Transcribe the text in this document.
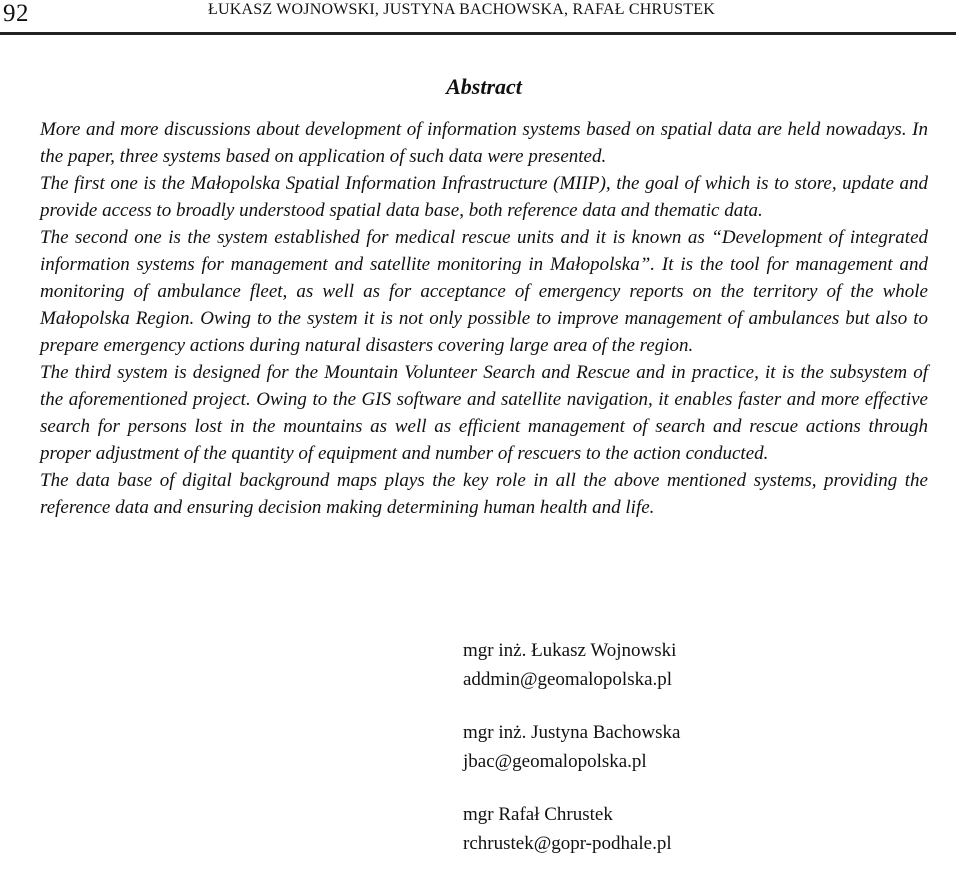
92	ŁUKASZ WOJNOWSKI, JUSTYNA BACHOWSKA, RAFAŁ CHRUSTEK
Abstract

More and more discussions about development of information systems based on spatial data are held nowadays. In the paper, three systems based on application of such data were presented.

The first one is the Małopolska Spatial Information Infrastructure (MIIP), the goal of which is to store, update and provide access to broadly understood spatial data base, both reference data and thematic data.

The second one is the system established for medical rescue units and it is known as “Development of integrated information systems for management and satellite monitoring in Małopolska”. It is the tool for management and monitoring of ambulance fleet, as well as for acceptance of emergency reports on the territory of the whole Małopolska Region. Owing to the system it is not only possible to improve management of ambulances but also to prepare emergency actions during natural disasters covering large area of the region.

The third system is designed for the Mountain Volunteer Search and Rescue and in practice, it is the subsystem of the aforementioned project. Owing to the GIS software and satellite navigation, it enables faster and more effective search for persons lost in the mountains as well as efficient management of search and rescue actions through proper adjustment of the quantity of equipment and number of rescuers to the action conducted.

The data base of digital background maps plays the key role in all the above mentioned systems, providing the reference data and ensuring decision making determining human health and life.

mgr inż. Łukasz Wojnowski
addmin@geomalopolska.pl
mgr inż. Justyna Bachowska
jbac@geomalopolska.pl
mgr Rafał Chrustek
rchrustek@gopr-podhale.pl
